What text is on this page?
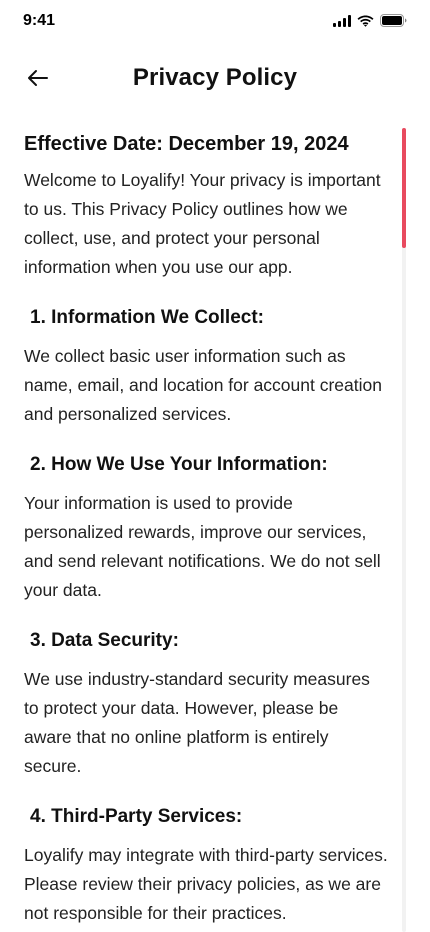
9:41
Privacy Policy
Effective Date: December 19, 2024

Welcome to Loyalify! Your privacy is important to us. This Privacy Policy outlines how we collect, use, and protect your personal information when you use our app.

1. Information We Collect:

We collect basic user information such as name, email, and location for account creation and personalized services.

2. How We Use Your Information:

Your information is used to provide personalized rewards, improve our services, and send relevant notifications. We do not sell your data.

3. Data Security:

We use industry-standard security measures to protect your data. However, please be aware that no online platform is entirely secure.

4. Third-Party Services:

Loyalify may integrate with third-party services. Please review their privacy policies, as we are not responsible for their practices.
